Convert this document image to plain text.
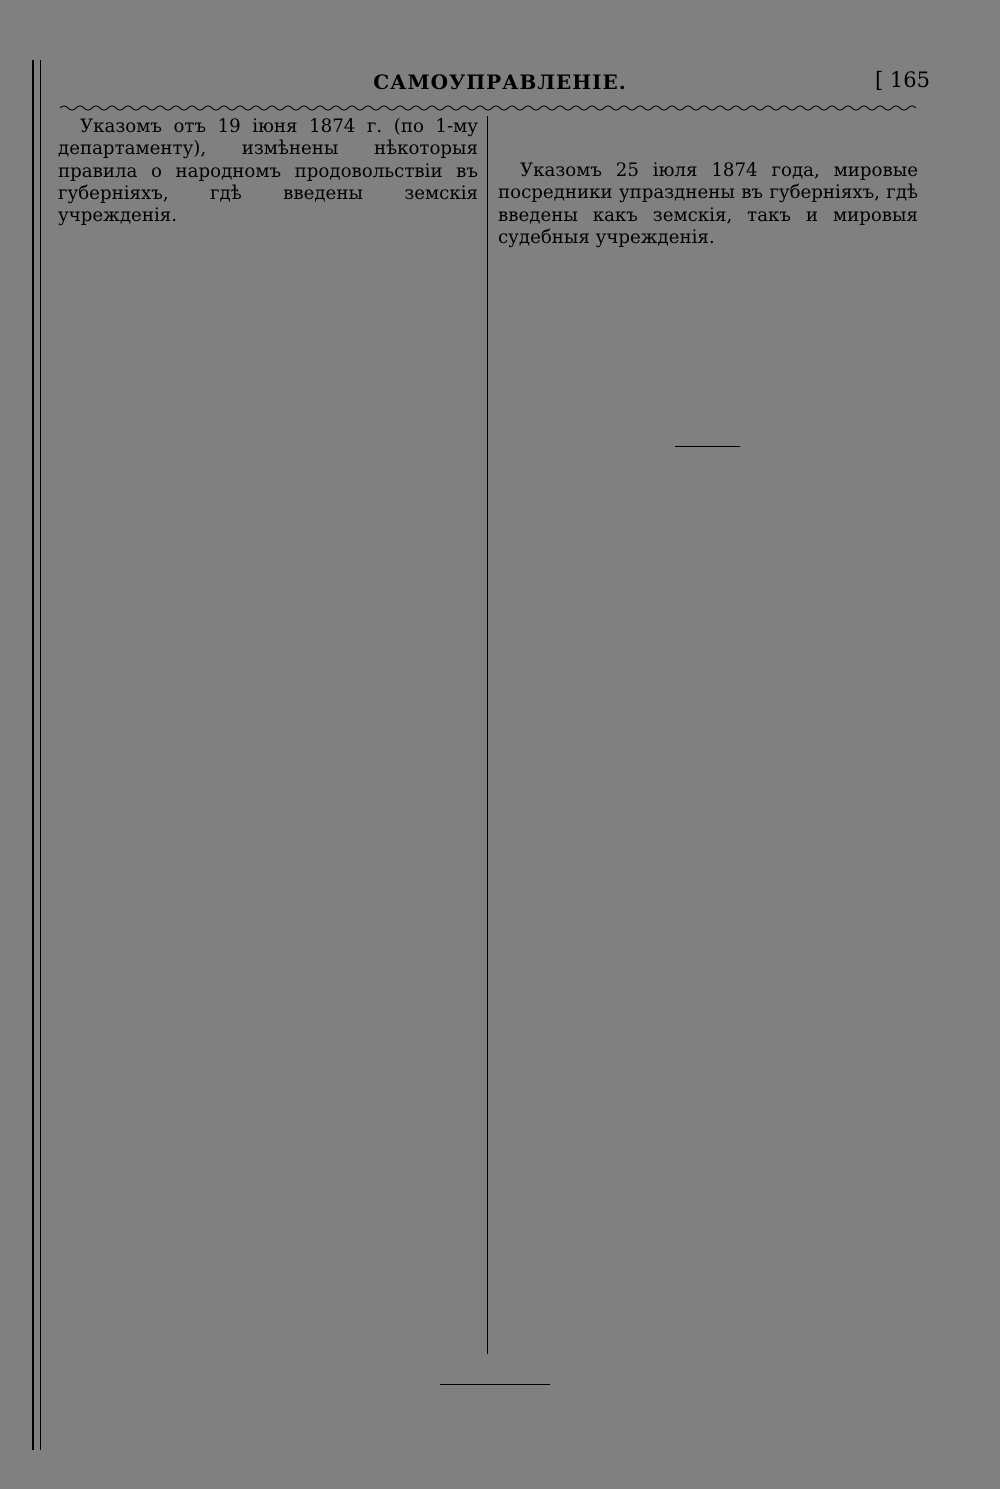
САМОУПРАВЛЕНІЕ.	[ 165

Указомъ отъ 19 іюня 1874 г. (по 1-му департаменту), измѣнены нѣкоторыя правила о народномъ продовольствіи въ губерніяхъ, гдѣ введены земскія учрежденія.

Указомъ 25 іюля 1874 года, мировые посредники упразднены въ губерніяхъ, гдѣ введены какъ земскія, такъ и мировыя судебныя учрежденія.
